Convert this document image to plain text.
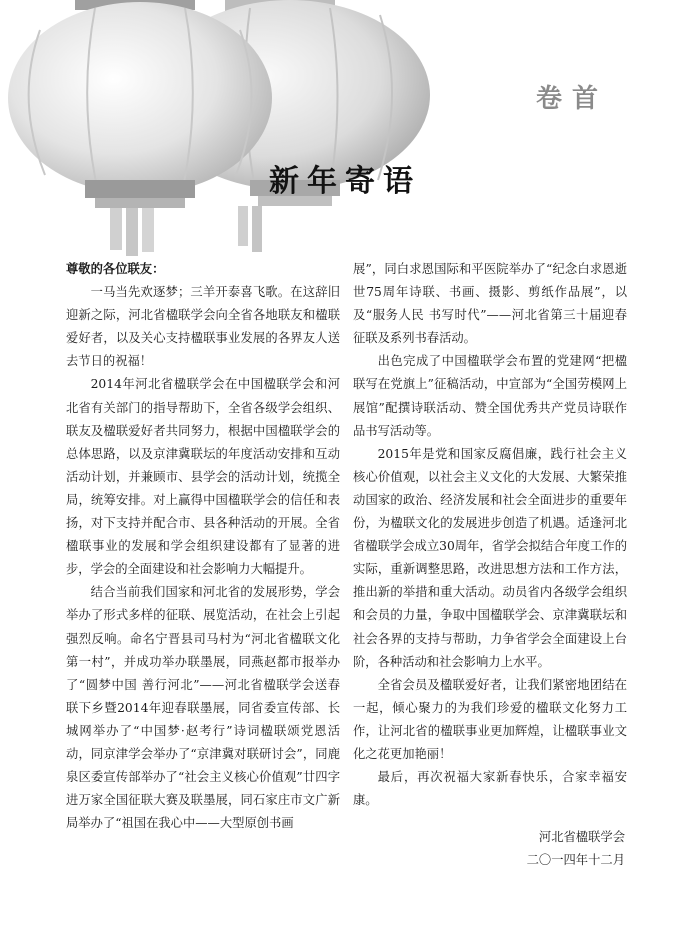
卷首
新年寄语

尊敬的各位联友：

一马当先欢逐梦；三羊开泰喜飞歌。在这辞旧迎新之际，河北省楹联学会向全省各地联友和楹联爱好者，以及关心支持楹联事业发展的各界友人送去节日的祝福！

2014年河北省楹联学会在中国楹联学会和河北省有关部门的指导帮助下，全省各级学会组织、联友及楹联爱好者共同努力，根据中国楹联学会的总体思路，以及京津冀联坛的年度活动安排和互动活动计划，并兼顾市、县学会的活动计划，统揽全局，统筹安排。对上赢得中国楹联学会的信任和表扬，对下支持并配合市、县各种活动的开展。全省楹联事业的发展和学会组织建设都有了显著的进步，学会的全面建设和社会影响力大幅提升。

结合当前我们国家和河北省的发展形势，学会举办了形式多样的征联、展览活动，在社会上引起强烈反响。命名宁晋县司马村为“河北省楹联文化第一村”，并成功举办联墨展，同燕赵都市报举办了“圆梦中国 善行河北”——河北省楹联学会送春联下乡暨2014年迎春联墨展，同省委宣传部、长城网举办了“中国梦·赵考行”诗词楹联颂党恩活动，同京津学会举办了“京津冀对联研讨会”，同鹿泉区委宣传部举办了“社会主义核心价值观”廿四字进万家全国征联大赛及联墨展，同石家庄市文广新局举办了“祖国在我心中——大型原创书画

展”，同白求恩国际和平医院举办了“纪念白求恩逝世75周年诗联、书画、摄影、剪纸作品展”，以及“服务人民 书写时代”——河北省第三十届迎春征联及系列书春活动。

出色完成了中国楹联学会布置的党建网“把楹联写在党旗上”征稿活动，中宣部为“全国劳模网上展馆”配撰诗联活动、赞全国优秀共产党员诗联作品书写活动等。

2015年是党和国家反腐倡廉，践行社会主义核心价值观，以社会主义文化的大发展、大繁荣推动国家的政治、经济发展和社会全面进步的重要年份，为楹联文化的发展进步创造了机遇。适逢河北省楹联学会成立30周年，省学会拟结合年度工作的实际，重新调整思路，改进思想方法和工作方法，推出新的举措和重大活动。动员省内各级学会组织和会员的力量，争取中国楹联学会、京津冀联坛和社会各界的支持与帮助，力争省学会全面建设上台阶，各种活动和社会影响力上水平。

全省会员及楹联爱好者，让我们紧密地团结在一起，倾心聚力的为我们珍爱的楹联文化努力工作，让河北省的楹联事业更加辉煌，让楹联事业文化之花更加艳丽！

最后，再次祝福大家新春快乐，合家幸福安康。

河北省楹联学会
二〇一四年十二月
